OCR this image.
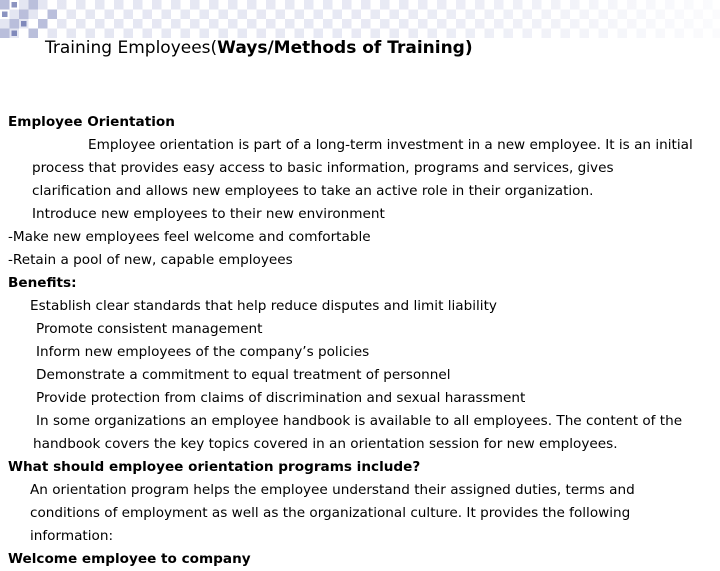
Training Employees(Ways/Methods of Training)

Employee Orientation

Employee orientation is part of a long-term investment in a new employee. It is an initial

process that provides easy access to basic information, programs and services, gives

clarification and allows new employees to take an active role in their organization.

Introduce new employees to their new environment

-Make new employees feel welcome and comfortable

-Retain a pool of new, capable employees

Benefits:

Establish clear standards that help reduce disputes and limit liability

Promote consistent management

Inform new employees of the company’s policies

Demonstrate a commitment to equal treatment of personnel

Provide protection from claims of discrimination and sexual harassment

In some organizations an employee handbook is available to all employees. The content of the

handbook covers the key topics covered in an orientation session for new employees.

What should employee orientation programs include?

An orientation program helps the employee understand their assigned duties, terms and

conditions of employment as well as the organizational culture. It provides the following

information:

Welcome employee to company
